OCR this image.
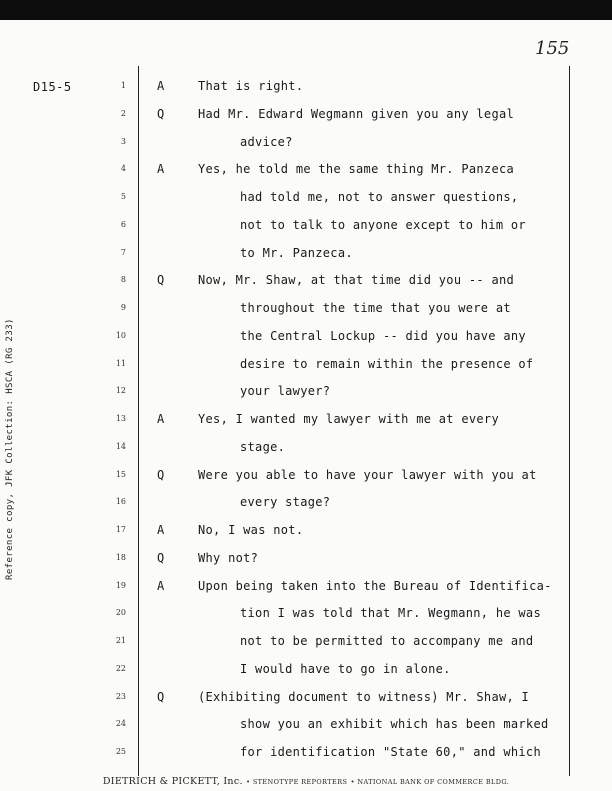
155
D15-5
Reference copy, JFK Collection: HSCA (RG 233)
1	A	That is right.
2	Q	Had Mr. Edward Wegmann given you any legal
3	advice?
4	A	Yes, he told me the same thing Mr. Panzeca
5	had told me, not to answer questions,
6	not to talk to anyone except to him or
7	to Mr. Panzeca.
8	Q	Now, Mr. Shaw, at that time did you -- and
9	throughout the time that you were at
10	the Central Lockup -- did you have any
11	desire to remain within the presence of
12	your lawyer?
13	A	Yes, I wanted my lawyer with me at every
14	stage.
15	Q	Were you able to have your lawyer with you at
16	every stage?
17	A	No, I was not.
18	Q	Why not?
19	A	Upon being taken into the Bureau of Identifica-
20	tion I was told that Mr. Wegmann, he was
21	not to be permitted to accompany me and
22	I would have to go in alone.
23	Q	(Exhibiting document to witness) Mr. Shaw, I
24	show you an exhibit which has been marked
25	for identification "State 60," and which
DIETRICH & PICKETT, Inc. • STENOTYPE REPORTERS • NATIONAL BANK OF COMMERCE BLDG.
